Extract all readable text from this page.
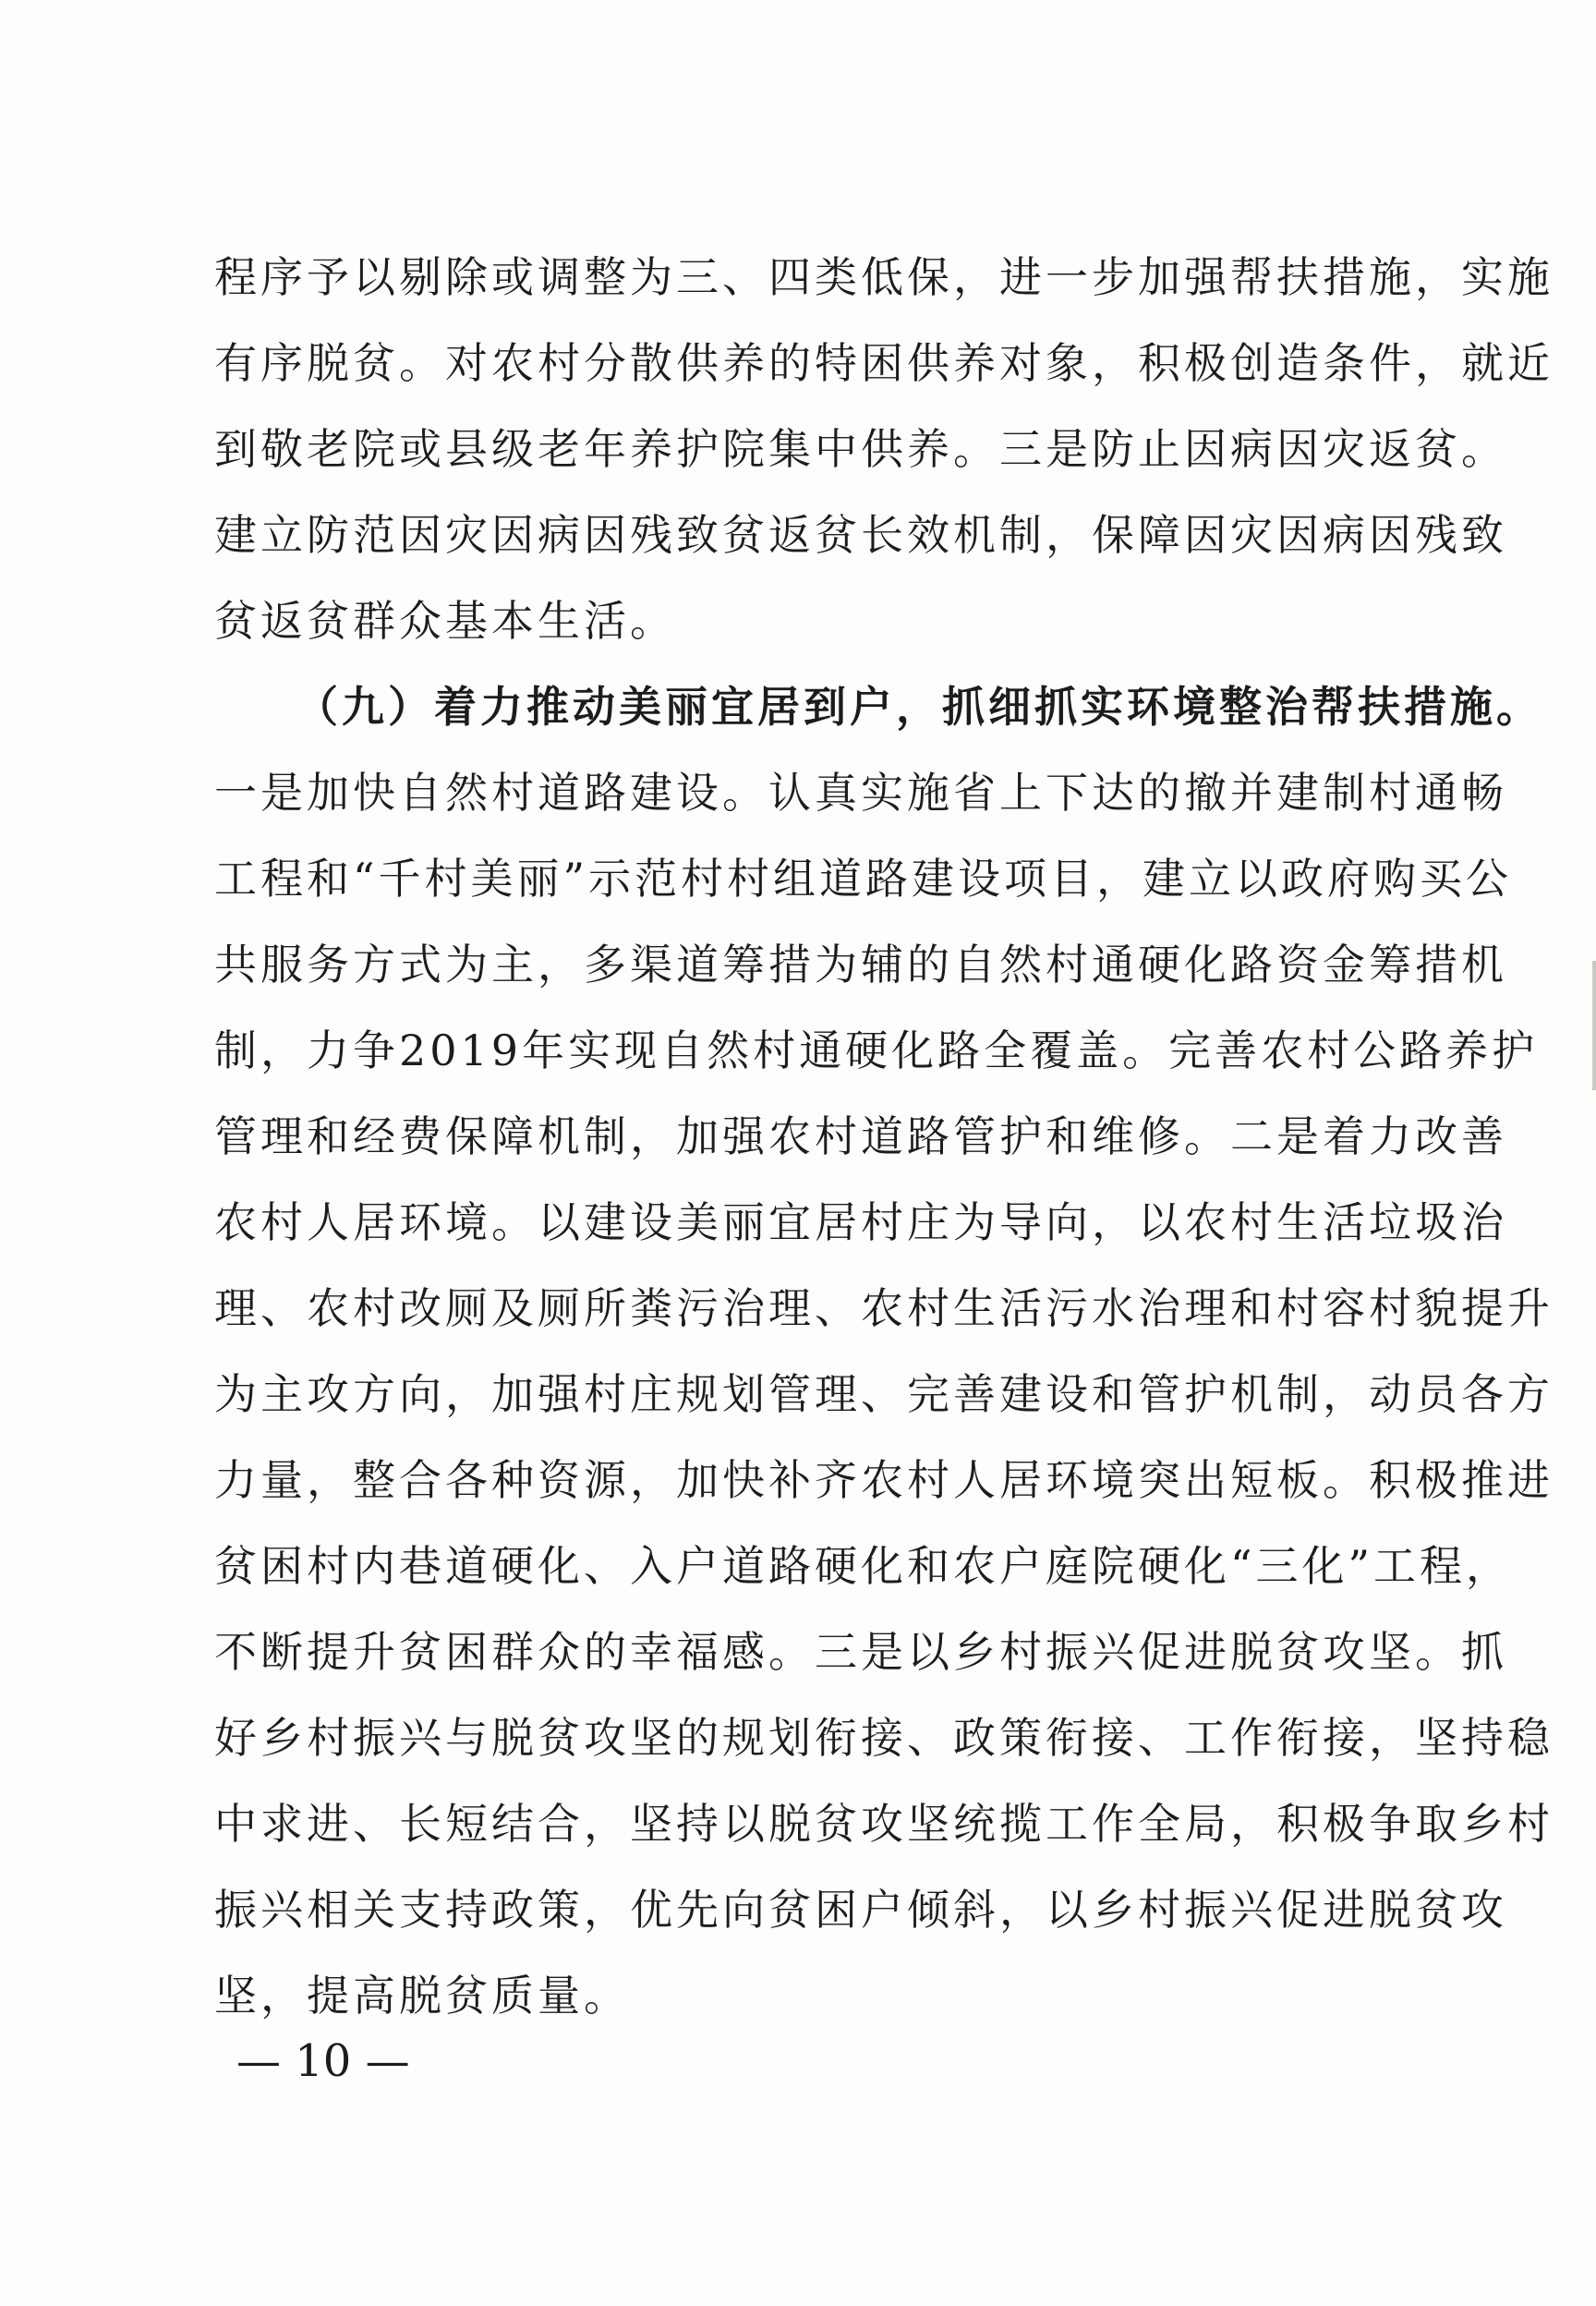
程序予以剔除或调整为三、四类低保，进一步加强帮扶措施，实施
有序脱贫。对农村分散供养的特困供养对象，积极创造条件，就近
到敬老院或县级老年养护院集中供养。三是防止因病因灾返贫。
建立防范因灾因病因残致贫返贫长效机制，保障因灾因病因残致
贫返贫群众基本生活。
（九）着力推动美丽宜居到户，抓细抓实环境整治帮扶措施。
一是加快自然村道路建设。认真实施省上下达的撤并建制村通畅
工程和“千村美丽”示范村村组道路建设项目，建立以政府购买公
共服务方式为主，多渠道筹措为辅的自然村通硬化路资金筹措机
制，力争2019年实现自然村通硬化路全覆盖。完善农村公路养护
管理和经费保障机制，加强农村道路管护和维修。二是着力改善
农村人居环境。以建设美丽宜居村庄为导向，以农村生活垃圾治
理、农村改厕及厕所粪污治理、农村生活污水治理和村容村貌提升
为主攻方向，加强村庄规划管理、完善建设和管护机制，动员各方
力量，整合各种资源，加快补齐农村人居环境突出短板。积极推进
贫困村内巷道硬化、入户道路硬化和农户庭院硬化“三化”工程，
不断提升贫困群众的幸福感。三是以乡村振兴促进脱贫攻坚。抓
好乡村振兴与脱贫攻坚的规划衔接、政策衔接、工作衔接，坚持稳
中求进、长短结合，坚持以脱贫攻坚统揽工作全局，积极争取乡村
振兴相关支持政策，优先向贫困户倾斜，以乡村振兴促进脱贫攻
坚，提高脱贫质量。
— 10 —
